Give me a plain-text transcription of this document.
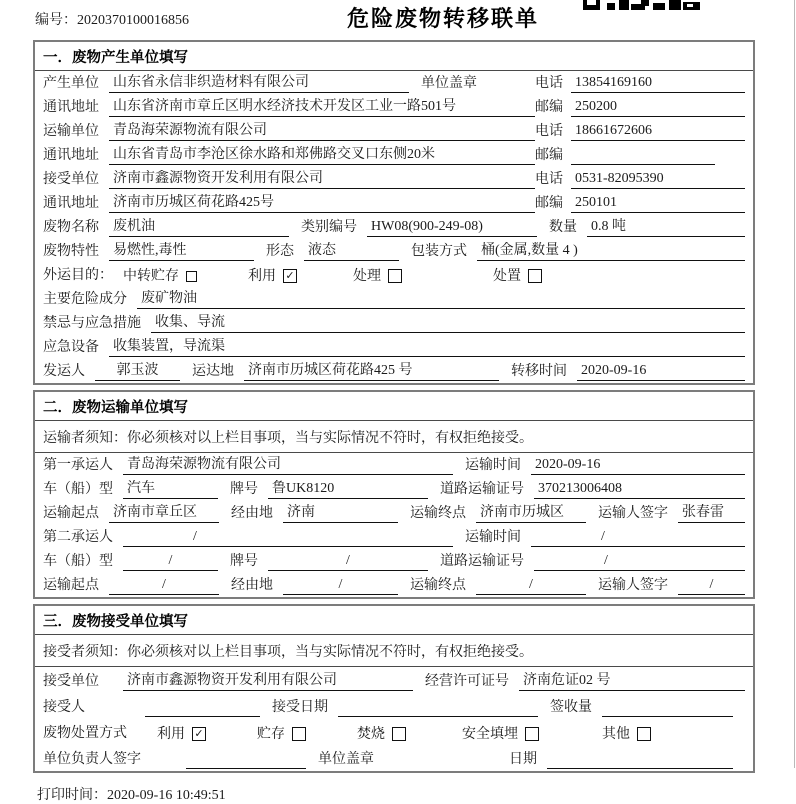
编号：2020370100016856	危险废物转移联单
一．废物产生单位填写
产生单位 山东省永信非织造材料有限公司	单位盖章	电话 13854169160
通讯地址 山东省济南市章丘区明水经济技术开发区工业一路501号	邮编 250200
运输单位 青岛海荣源物流有限公司	电话 18661672606
通讯地址 山东省青岛市李沧区徐水路和郑佛路交叉口东侧20米	邮编
接受单位 济南市鑫源物资开发利用有限公司	电话 0531-82095390
通讯地址 济南市历城区荷花路425号	邮编 250101
废物名称 废机油	类别编号 HW08(900-249-08)	数量 0.8 吨
废物特性 易燃性,毒性	形态 液态	包装方式 桶(金属,数量 4 )
外运目的： 中转贮存	利用 ✓	处理	处置
主要危险成分 废矿物油
禁忌与应急措施 收集、导流
应急设备 收集装置，导流渠
发运人	郭玉波	运达地 济南市历城区荷花路425 号	转移时间 2020-09-16
二．废物运输单位填写
运输者须知：你必须核对以上栏目事项，当与实际情况不符时，有权拒绝接受。
第一承运人 青岛海荣源物流有限公司	运输时间 2020-09-16
车（船）型 汽车	牌号 鲁UK8120	道路运输证号 370213006408
运输起点 济南市章丘区	经由地 济南	运输终点 济南市历城区	运输人签字 张春雷
第二承运人	/	运输时间	/
车（船）型	/	牌号	/	道路运输证号	/
运输起点	/	经由地	/	运输终点	/	运输人签字	/
三．废物接受单位填写
接受者须知：你必须核对以上栏目事项，当与实际情况不符时，有权拒绝接受。
接受单位 济南市鑫源物资开发利用有限公司	经营许可证号 济南危证02 号
接受人	接受日期	签收量
废物处置方式 利用 ✓	贮存	焚烧	安全填埋	其他
单位负责人签字	单位盖章	日期
打印时间：2020-09-16 10:49:51
